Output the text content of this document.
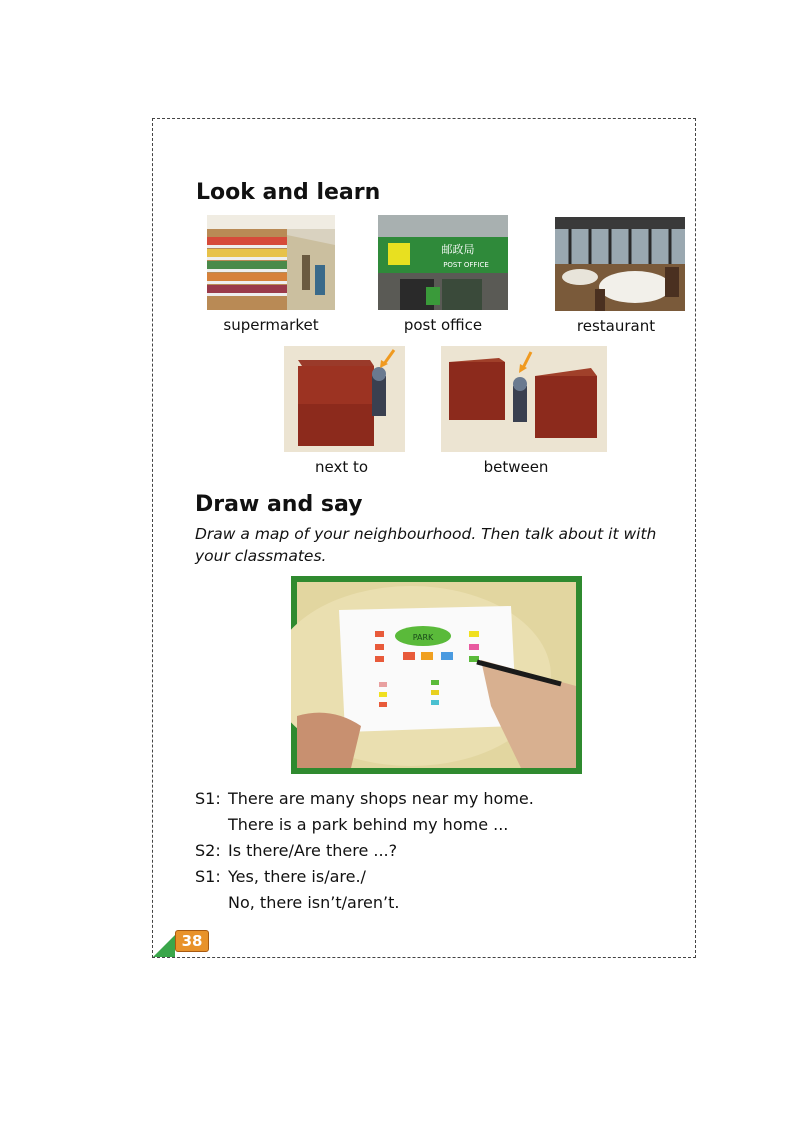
Look and learn
supermarket
邮政局
POST OFFICE
post office	restaurant
next to	between
Draw and say
Draw a map of your neighbourhood. Then talk about it with
your classmates.
PARK
S1: There are many shops near my home.
There is a park behind my home ...
S2: Is there/Are there ...?
S1: Yes, there is/are./
No, there isn’t/aren’t.
38
